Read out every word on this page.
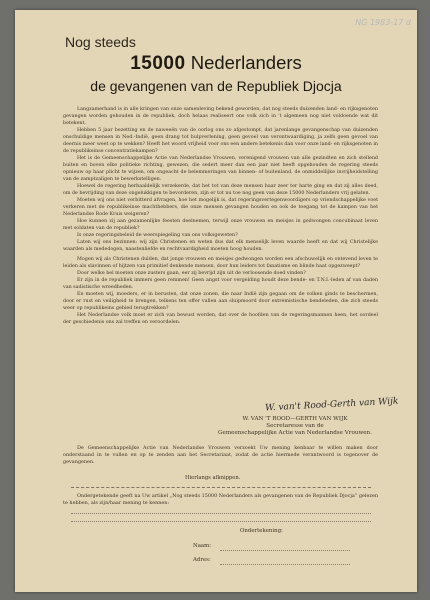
NG 1983-17 d
Nog steeds
15000 Nederlanders
de gevangenen van de Republiek Djocja

Langzamerhand is in alle kringen van onze samenleving bekend geworden, dat nog steeds duizenden land- en rijksgenoten gevangen worden gehouden in de republiek, doch helaas realiseert ons volk zich in 't algemeen nog niet voldoende wat dit betekent.

Hebben 5 jaar bezetting en de naweeën van de oorlog ons zo afgestompt, dat jarenlange gevangenschap van duizenden onschuldige mensen in Ned.-Indië, geen drang tot hulpverlening, geen gevoel van verontwaardiging, ja zelfs geen gevoel van deernis meer weet op te wekken? Heeft het woord vrijheid voor ons een andere betekenis dan voor onze land- en rijksgenoten in de republikeinse concentratiekampen?

Het is de Gemeenschappelijke Actie van Nederlandse Vrouwen, verenigend vrouwen van alle gezindten en zich stellend buiten en boven elke politieke richting, gewezen, die sedert meer dan een jaar niet heeft opgehouden de regering steeds opnieuw op haar plicht te wijzen, om ongeacht de belemmeringen van binnen- of buitenland, de onmiddellijke invrijheidstelling van de zamptzaligen te bewerkstelligen.

Hoewel de regering herhaaldelijk verzekerde, dat het tot van deze mensen haar zeer ter harte ging en dat zij alles deed, om de bevrijding van deze ongelukkigen te bevorderen, zijn er tot nu toe nog geen van deze 15000 Nederlanders vrij gelaten.

Moeten wij ons niet verbitterd afvragen, hoe het mogelijk is, dat regeringsvertegenwoordigers op vriendschappelijke voet verkeren met de republikeinse machthebbers, die onze mensen gevangen houden en ook de toegang tot de kampen van het Nederlandse Rode Kruis weigeren?

Hoe kunnen zij aan gezamenlijke feesten deelnemen, terwijl onze vrouwen en meisjes in gedwongen concubinaat leven met soldaten van de republiek?

Is onze regeringsbeleid de weerspiegeling van ons volksgeweten?

Laten wij ons bezinnen: wij zijn Christenen en weten dus dat elk menselijk leven waarde heeft en dat wij Christelijke waarden als mededogen, naastenliefde en rechtvaardigheid moeten hoog houden.

Mogen wij als Christenen dulden, dat jonge vrouwen en meisjes gedwongen worden een afschuwelijk en ontevend leven te leiden als slavinnen of hijtzen van primitief denkende mensen, door hun leiders tot fanatisme en blinde haat opgezweept?

Door welke bel moeten onze zusters gaan, eer zij bevrijd zijn uit de verloosende doed vinden?

Er zijn in de republiek immers geen remmen! Geen angst voor vergelding houdt deze bende- en T.N.I.-leden af van daden van sadistische wreedheden.

En moeten wij, moeders, er in berusten, dat onze zonen, die naar Indië zijn gegaan om de volken ginds te beschermen, door er rust en veiligheid te brengen, telkens ten offer vallen aan sluipmoord door extremistische bendeleden, die zich steeds weer op republikeins gebied terugtrekken?

Het Nederlandse volk moet er zich van bewust worden, dat over de hoofden van de regeringsmannen heen, het oordeel der geschiedenis ons zal treffen en veroordelen.

W. van't Rood-Gerth van Wijk
W. VAN 'T ROOD—GERTH VAN WIJK
Secretaresse van de
Gemeenschappelijke Actie van Nederlandse Vrouwen.

De Gemeenschappelijke Actie van Nederlandse Vrouwen verzoekt Uw mening kenbaar te willen maken door onderstaand in te vullen en op te zenden aan het Secretariaat, zodat de actie hiermede verantwoord is tegenover de gevangenen.

Hierlangs afknippen.

Ondergetekende geeft na Uw artikel „Nog steeds 15000 Nederlanders als gevangenen van de Republiek Djocja” gelezen te hebben, als zijn/haar mening te kennen:

Ondertekening:
Naam:
Adres:
